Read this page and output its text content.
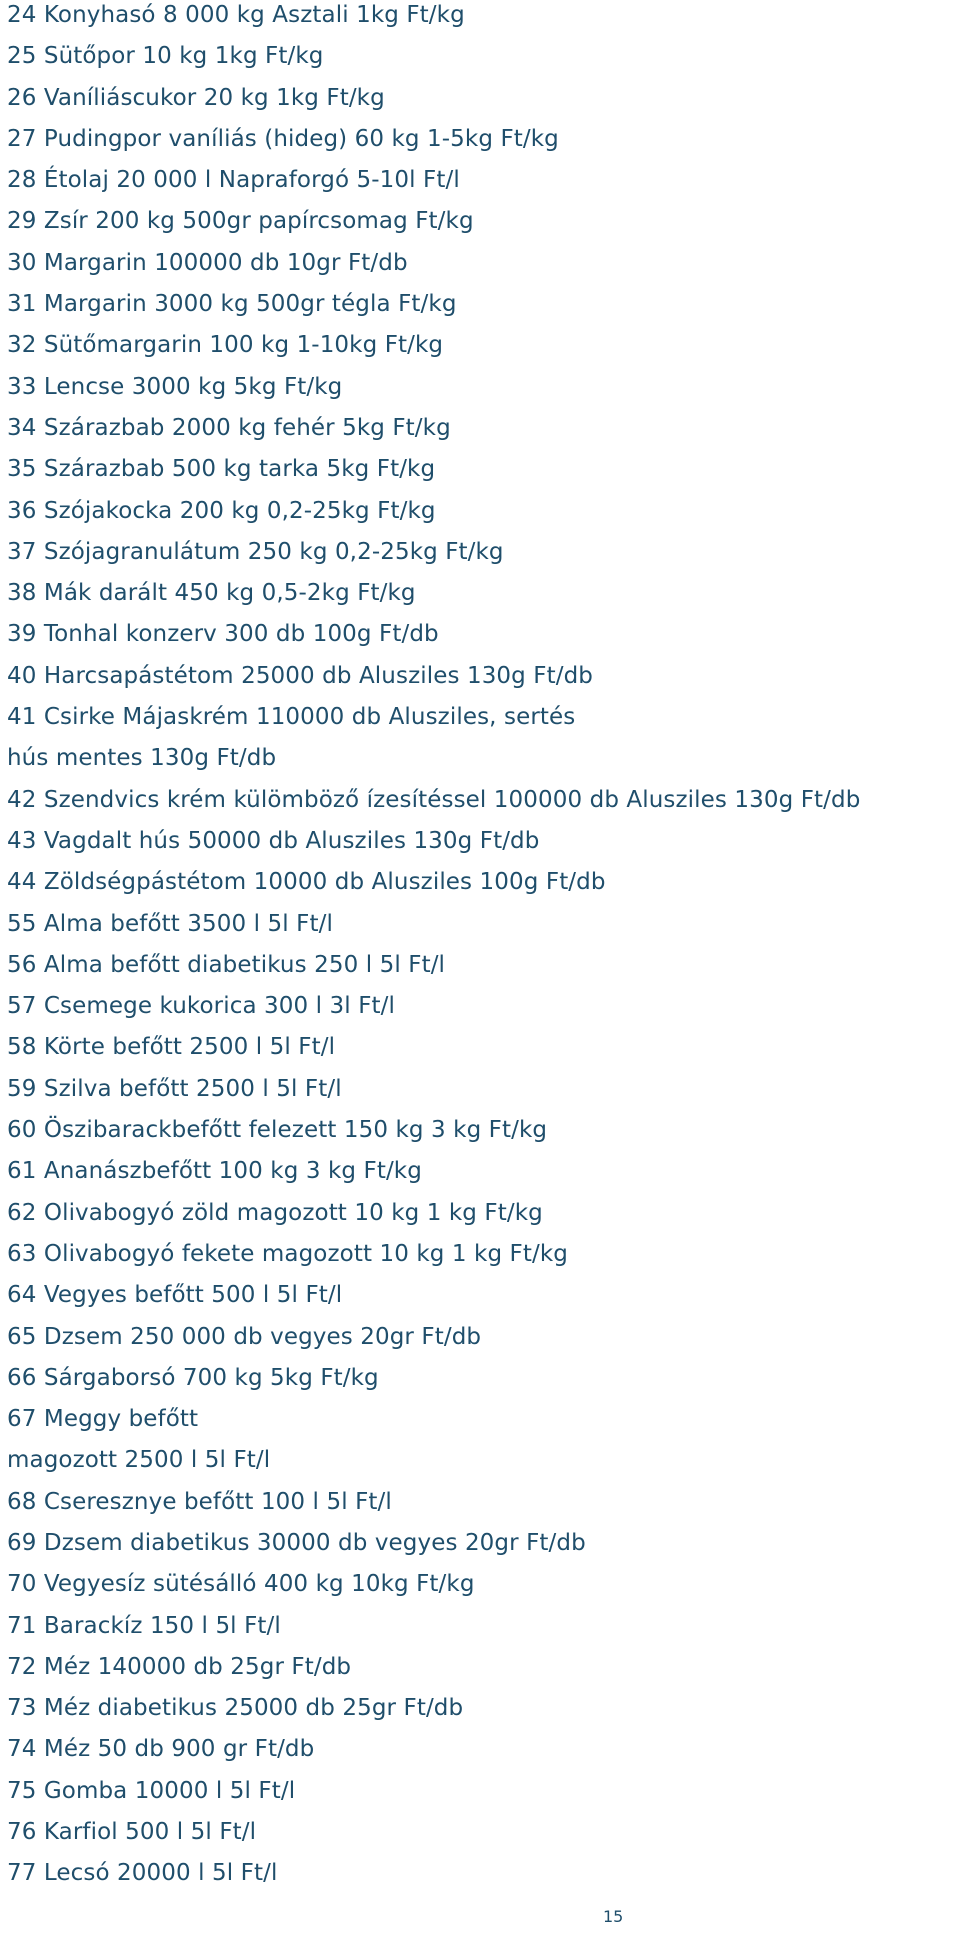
24 Konyhasó 8 000 kg Asztali 1kg Ft/kg
25 Sütőpor 10 kg 1kg Ft/kg
26 Vaníliáscukor 20 kg 1kg Ft/kg
27 Pudingpor vaníliás (hideg) 60 kg 1-5kg Ft/kg
28 Étolaj 20 000 l Napraforgó 5-10l Ft/l
29 Zsír 200 kg 500gr papírcsomag Ft/kg
30 Margarin 100000 db 10gr Ft/db
31 Margarin 3000 kg 500gr tégla Ft/kg
32 Sütőmargarin 100 kg 1-10kg Ft/kg
33 Lencse 3000 kg 5kg Ft/kg
34 Szárazbab 2000 kg fehér 5kg Ft/kg
35 Szárazbab 500 kg tarka 5kg Ft/kg
36 Szójakocka 200 kg 0,2-25kg Ft/kg
37 Szójagranulátum 250 kg 0,2-25kg Ft/kg
38 Mák darált 450 kg 0,5-2kg Ft/kg
39 Tonhal konzerv 300 db 100g Ft/db
40 Harcsapástétom 25000 db Alusziles 130g Ft/db
41 Csirke Májaskrém 110000 db Alusziles, sertés
hús mentes 130g Ft/db
42 Szendvics krém külömböző ízesítéssel 100000 db Alusziles 130g Ft/db
43 Vagdalt hús 50000 db Alusziles 130g Ft/db
44 Zöldségpástétom 10000 db Alusziles 100g Ft/db
55 Alma befőtt 3500 l 5l Ft/l
56 Alma befőtt diabetikus 250 l 5l Ft/l
57 Csemege kukorica 300 l 3l Ft/l
58 Körte befőtt 2500 l 5l Ft/l
59 Szilva befőtt 2500 l 5l Ft/l
60 Öszibarackbefőtt felezett 150 kg 3 kg Ft/kg
61 Ananászbefőtt 100 kg 3 kg Ft/kg
62 Olivabogyó zöld magozott 10 kg 1 kg Ft/kg
63 Olivabogyó fekete magozott 10 kg 1 kg Ft/kg
64 Vegyes befőtt 500 l 5l Ft/l
65 Dzsem 250 000 db vegyes 20gr Ft/db
66 Sárgaborsó 700 kg 5kg Ft/kg
67 Meggy befőtt
magozott 2500 l 5l Ft/l
68 Cseresznye befőtt 100 l 5l Ft/l
69 Dzsem diabetikus 30000 db vegyes 20gr Ft/db
70 Vegyesíz sütésálló 400 kg 10kg Ft/kg
71 Barackíz 150 l 5l Ft/l
72 Méz 140000 db 25gr Ft/db
73 Méz diabetikus 25000 db 25gr Ft/db
74 Méz 50 db 900 gr Ft/db
75 Gomba 10000 l 5l Ft/l
76 Karfiol 500 l 5l Ft/l
77 Lecsó 20000 l 5l Ft/l
15
